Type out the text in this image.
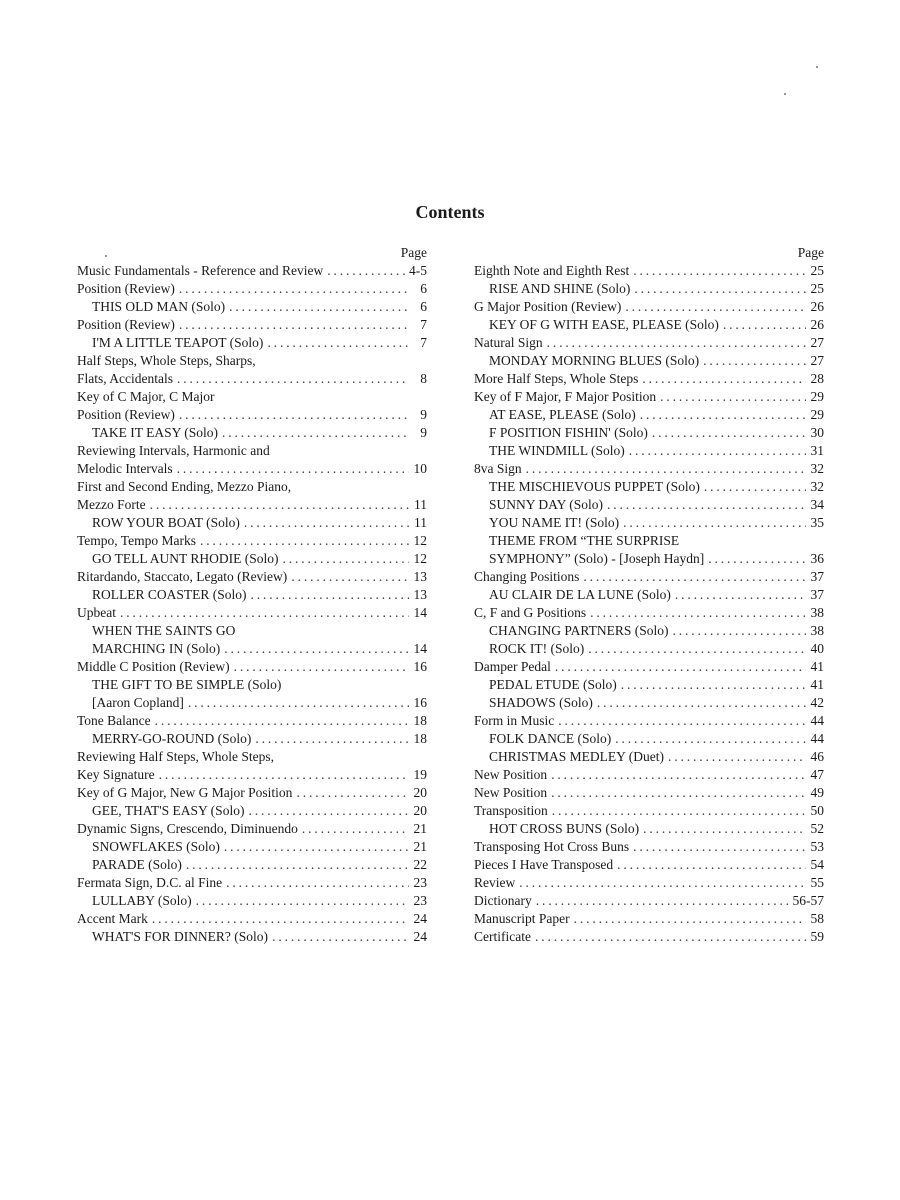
Contents
Page
Music Fundamentals - Reference and Review . . .	4-5
Position (Review) . . .	6
THIS OLD MAN (Solo) . . .	6
Position (Review) . . .	7
I'M A LITTLE TEAPOT (Solo) . . .	7
Half Steps, Whole Steps, Sharps,
Flats, Accidentals . . .	8
Key of C Major, C Major
Position (Review) . . .	9
TAKE IT EASY (Solo) . . .	9
Reviewing Intervals, Harmonic and
Melodic Intervals . . .	10
First and Second Ending, Mezzo Piano,
Mezzo Forte . . .	11
ROW YOUR BOAT (Solo) . . .	11
Tempo, Tempo Marks . . .	12
GO TELL AUNT RHODIE (Solo) . . .	12
Ritardando, Staccato, Legato (Review) . . .	13
ROLLER COASTER (Solo) . . .	13
Upbeat . . .	14
WHEN THE SAINTS GO
MARCHING IN (Solo) . . .	14
Middle C Position (Review) . . .	16
THE GIFT TO BE SIMPLE (Solo)
[Aaron Copland] . . .	16
Tone Balance . . .	18
MERRY-GO-ROUND (Solo) . . .	18
Reviewing Half Steps, Whole Steps,
Key Signature . . .	19
Key of G Major, New G Major Position . . .	20
GEE, THAT'S EASY (Solo) . . .	20
Dynamic Signs, Crescendo, Diminuendo . . .	21
SNOWFLAKES (Solo) . . .	21
PARADE (Solo) . . .	22
Fermata Sign, D.C. al Fine . . .	23
LULLABY (Solo) . . .	23
Accent Mark . . .	24
WHAT'S FOR DINNER? (Solo) . . .	24
Page
Eighth Note and Eighth Rest . . .	25
RISE AND SHINE (Solo) . . .	25
G Major Position (Review) . . .	26
KEY OF G WITH EASE, PLEASE (Solo) . . .	26
Natural Sign . . .	27
MONDAY MORNING BLUES (Solo) . . .	27
More Half Steps, Whole Steps . . .	28
Key of F Major, F Major Position . . .	29
AT EASE, PLEASE (Solo) . . .	29
F POSITION FISHIN' (Solo) . . .	30
THE WINDMILL (Solo) . . .	31
8va Sign . . .	32
THE MISCHIEVOUS PUPPET (Solo) . . .	32
SUNNY DAY (Solo) . . .	34
YOU NAME IT! (Solo) . . .	35
THEME FROM “THE SURPRISE
SYMPHONY” (Solo) - [Joseph Haydn] . . .	36
Changing Positions . . .	37
AU CLAIR DE LA LUNE (Solo) . . .	37
C, F and G Positions . . .	38
CHANGING PARTNERS (Solo) . . .	38
ROCK IT! (Solo) . . .	40
Damper Pedal . . .	41
PEDAL ETUDE (Solo) . . .	41
SHADOWS (Solo) . . .	42
Form in Music . . .	44
FOLK DANCE (Solo) . . .	44
CHRISTMAS MEDLEY (Duet) . . .	46
New Position . . .	47
New Position . . .	49
Transposition . . .	50
HOT CROSS BUNS (Solo) . . .	52
Transposing Hot Cross Buns . . .	53
Pieces I Have Transposed . . .	54
Review . . .	55
Dictionary . . .	56-57
Manuscript Paper . . .	58
Certificate . . .	59
